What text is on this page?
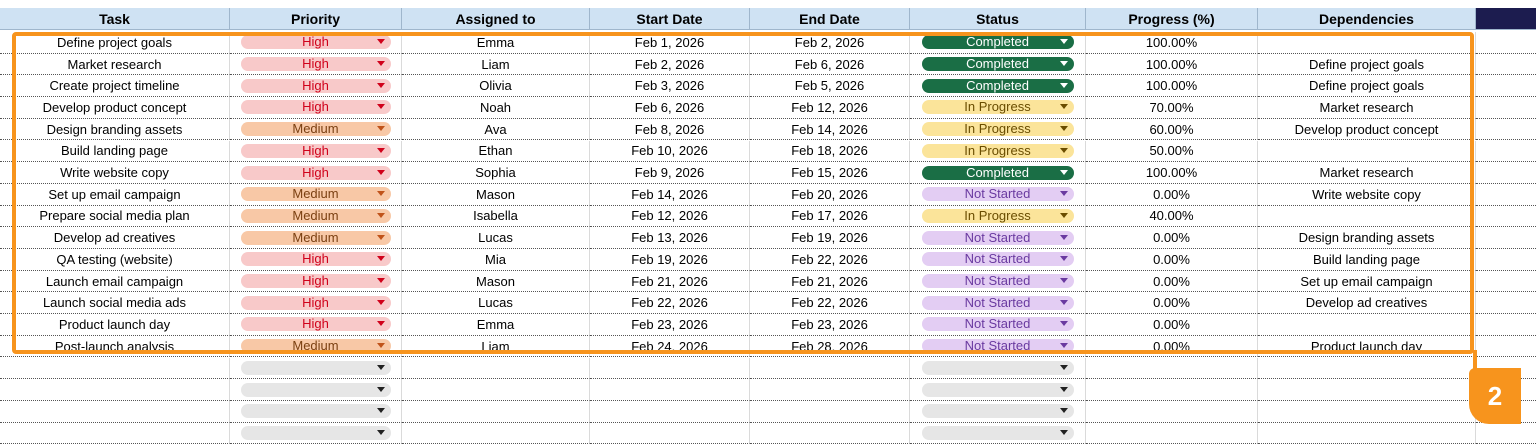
Task	Priority	Assigned to	Start Date	End Date	Status	Progress (%)	Dependencies
Define project goals	High	Emma	Feb 1, 2026	Feb 2, 2026	Completed	100.00%
Market research	High	Liam	Feb 2, 2026	Feb 6, 2026	Completed	100.00%	Define project goals
Create project timeline	High	Olivia	Feb 3, 2026	Feb 5, 2026	Completed	100.00%	Define project goals
Develop product concept	High	Noah	Feb 6, 2026	Feb 12, 2026	In Progress	70.00%	Market research
Design branding assets	Medium	Ava	Feb 8, 2026	Feb 14, 2026	In Progress	60.00%	Develop product concept
Build landing page	High	Ethan	Feb 10, 2026	Feb 18, 2026	In Progress	50.00%
Write website copy	High	Sophia	Feb 9, 2026	Feb 15, 2026	Completed	100.00%	Market research
Set up email campaign	Medium	Mason	Feb 14, 2026	Feb 20, 2026	Not Started	0.00%	Write website copy
Prepare social media plan	Medium	Isabella	Feb 12, 2026	Feb 17, 2026	In Progress	40.00%
Develop ad creatives	Medium	Lucas	Feb 13, 2026	Feb 19, 2026	Not Started	0.00%	Design branding assets
QA testing (website)	High	Mia	Feb 19, 2026	Feb 22, 2026	Not Started	0.00%	Build landing page
Launch email campaign	High	Mason	Feb 21, 2026	Feb 21, 2026	Not Started	0.00%	Set up email campaign
Launch social media ads	High	Lucas	Feb 22, 2026	Feb 22, 2026	Not Started	0.00%	Develop ad creatives
Product launch day	High	Emma	Feb 23, 2026	Feb 23, 2026	Not Started	0.00%
Post-launch analysis	Medium	Liam	Feb 24, 2026	Feb 28, 2026	Not Started	0.00%	Product launch day
2
